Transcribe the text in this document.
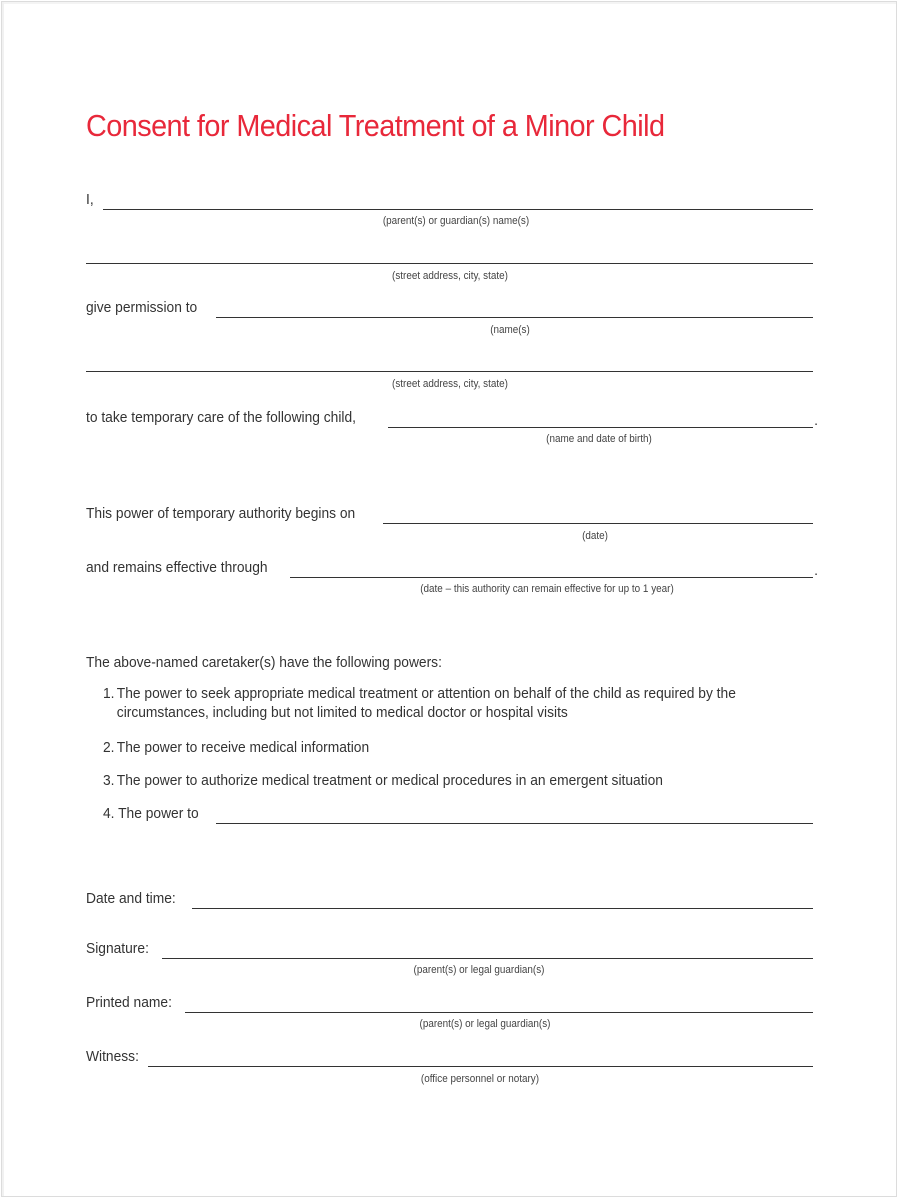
Consent for Medical Treatment of a Minor Child
I,
(parent(s) or guardian(s) name(s)
(street address, city, state)
give permission to
(name(s)
(street address, city, state)
to take temporary care of the following child,	.
(name and date of birth)
This power of temporary authority begins on
(date)
and remains effective through	.
(date – this authority can remain effective for up to 1 year)
The above-named caretaker(s) have the following powers:
1. The power to seek appropriate medical treatment or attention on behalf of the child as required by the
circumstances, including but not limited to medical doctor or hospital visits
2. The power to receive medical information
3. The power to authorize medical treatment or medical procedures in an emergent situation
4. The power to
Date and time:
Signature:
(parent(s) or legal guardian(s)
Printed name:
(parent(s) or legal guardian(s)
Witness:
(office personnel or notary)
